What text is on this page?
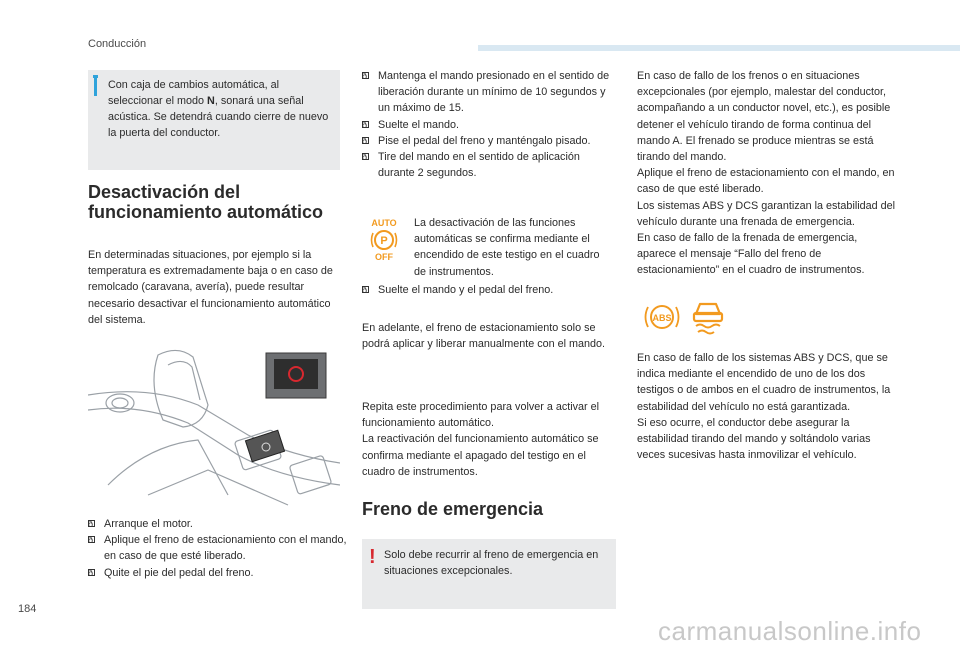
Conducción
Con caja de cambios automática, al seleccionar el modo N, sonará una señal acústica. Se detendrá cuando cierre de nuevo la puerta del conductor.
Desactivación del
funcionamiento automático
En determinadas situaciones, por ejemplo si la temperatura es extremadamente baja o en caso de remolcado (caravana, avería), puede resultar necesario desactivar el funcionamiento automático del sistema.
ð Arranque el motor.
ð Aplique el freno de estacionamiento con el mando, en caso de que esté liberado.
ð Quite el pie del pedal del freno.
ð Mantenga el mando presionado en el sentido de liberación durante un mínimo de 10 segundos y un máximo de 15.
ð Suelte el mando.
ð Pise el pedal del freno y manténgalo pisado.
ð Tire del mando en el sentido de aplicación durante 2 segundos.
AUTO
P
OFF
La desactivación de las funciones automáticas se confirma mediante el encendido de este testigo en el cuadro de instrumentos.
ð Suelte el mando y el pedal del freno.
En adelante, el freno de estacionamiento solo se podrá aplicar y liberar manualmente con el mando.
Repita este procedimiento para volver a activar el funcionamiento automático.
La reactivación del funcionamiento automático se confirma mediante el apagado del testigo en el cuadro de instrumentos.
Freno de emergencia
! Solo debe recurrir al freno de emergencia en situaciones excepcionales.
En caso de fallo de los frenos o en situaciones excepcionales (por ejemplo, malestar del conductor, acompañando a un conductor novel, etc.), es posible detener el vehículo tirando de forma continua del mando A. El frenado se produce mientras se está tirando del mando.
Aplique el freno de estacionamiento con el mando, en caso de que esté liberado.
Los sistemas ABS y DCS garantizan la estabilidad del vehículo durante una frenada de emergencia.
En caso de fallo de la frenada de emergencia, aparece el mensaje “Fallo del freno de estacionamiento” en el cuadro de instrumentos.
ABS
En caso de fallo de los sistemas ABS y DCS, que se indica mediante el encendido de uno de los dos testigos o de ambos en el cuadro de instrumentos, la estabilidad del vehículo no está garantizada.
Si eso ocurre, el conductor debe asegurar la estabilidad tirando del mando y soltándolo varias veces sucesivas hasta inmovilizar el vehículo.
184
carmanualsonline.info
